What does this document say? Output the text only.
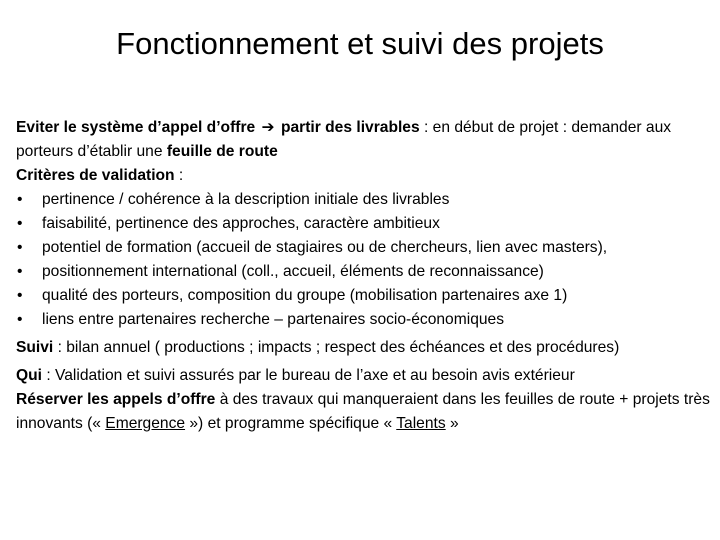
Fonctionnement et suivi des projets

Eviter le système d’appel d’offre ➔ partir des livrables : en début de projet : demander aux porteurs d’établir une feuille de route

Critères de validation :

• pertinence / cohérence à la description initiale des livrables
• faisabilité, pertinence des approches, caractère ambitieux
• potentiel de formation (accueil de stagiaires ou de chercheurs, lien avec masters),
• positionnement international (coll., accueil, éléments de reconnaissance)
• qualité des porteurs, composition du groupe (mobilisation partenaires axe 1)
• liens entre partenaires recherche – partenaires socio-économiques

Suivi : bilan annuel ( productions ; impacts ; respect des échéances et des procédures)

Qui : Validation et suivi assurés par le bureau de l’axe et au besoin avis extérieur

Réserver les appels d’offre à des travaux qui manqueraient dans les feuilles de route + projets très innovants (« Emergence ») et programme spécifique « Talents »
